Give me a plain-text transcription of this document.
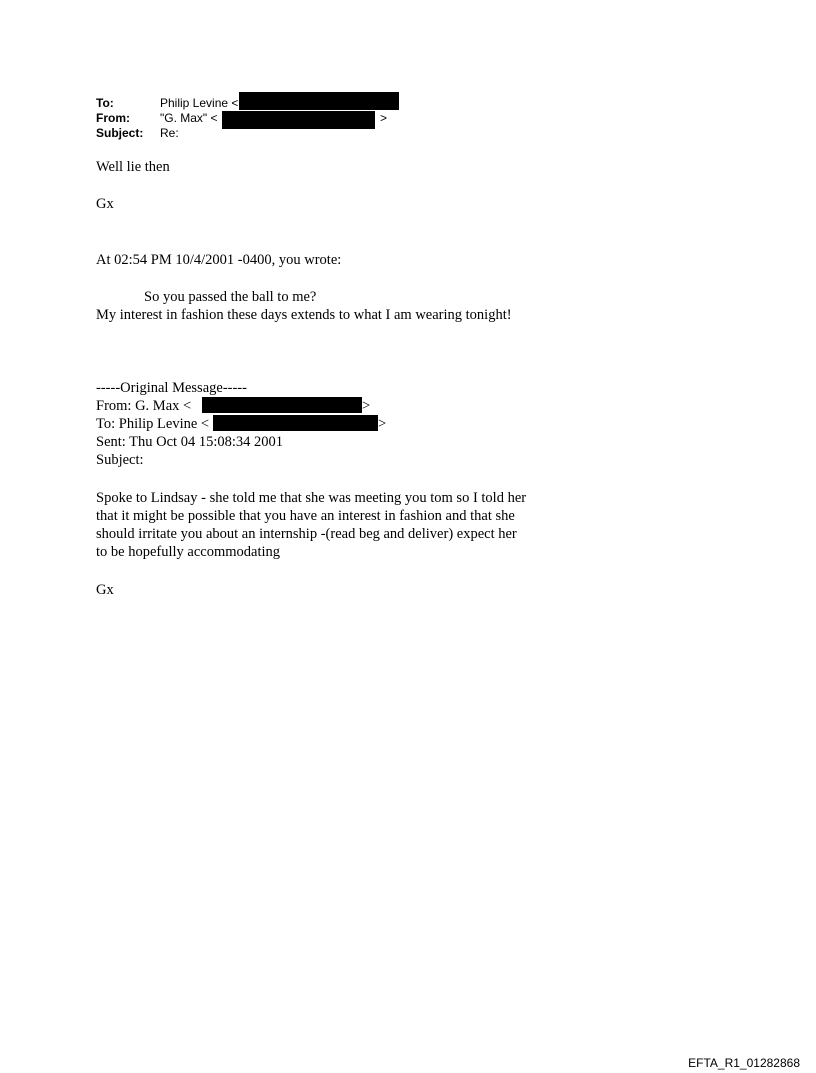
To:	Philip Levine <
From:	"G. Max" <	>
Subject: Re:
Well lie then
Gx
At 02:54 PM 10/4/2001 -0400, you wrote:
So you passed the ball to me?
My interest in fashion these days extends to what I am wearing tonight!
-----Original Message-----
From: G. Max <	>
To: Philip Levine <	>
Sent: Thu Oct 04 15:08:34 2001
Subject:
Spoke to Lindsay - she told me that she was meeting you tom so I told her
that it might be possible that you have an interest in fashion and that she
should irritate you about an internship -(read beg and deliver) expect her
to be hopefully accommodating
Gx
EFTA_R1_01282868
